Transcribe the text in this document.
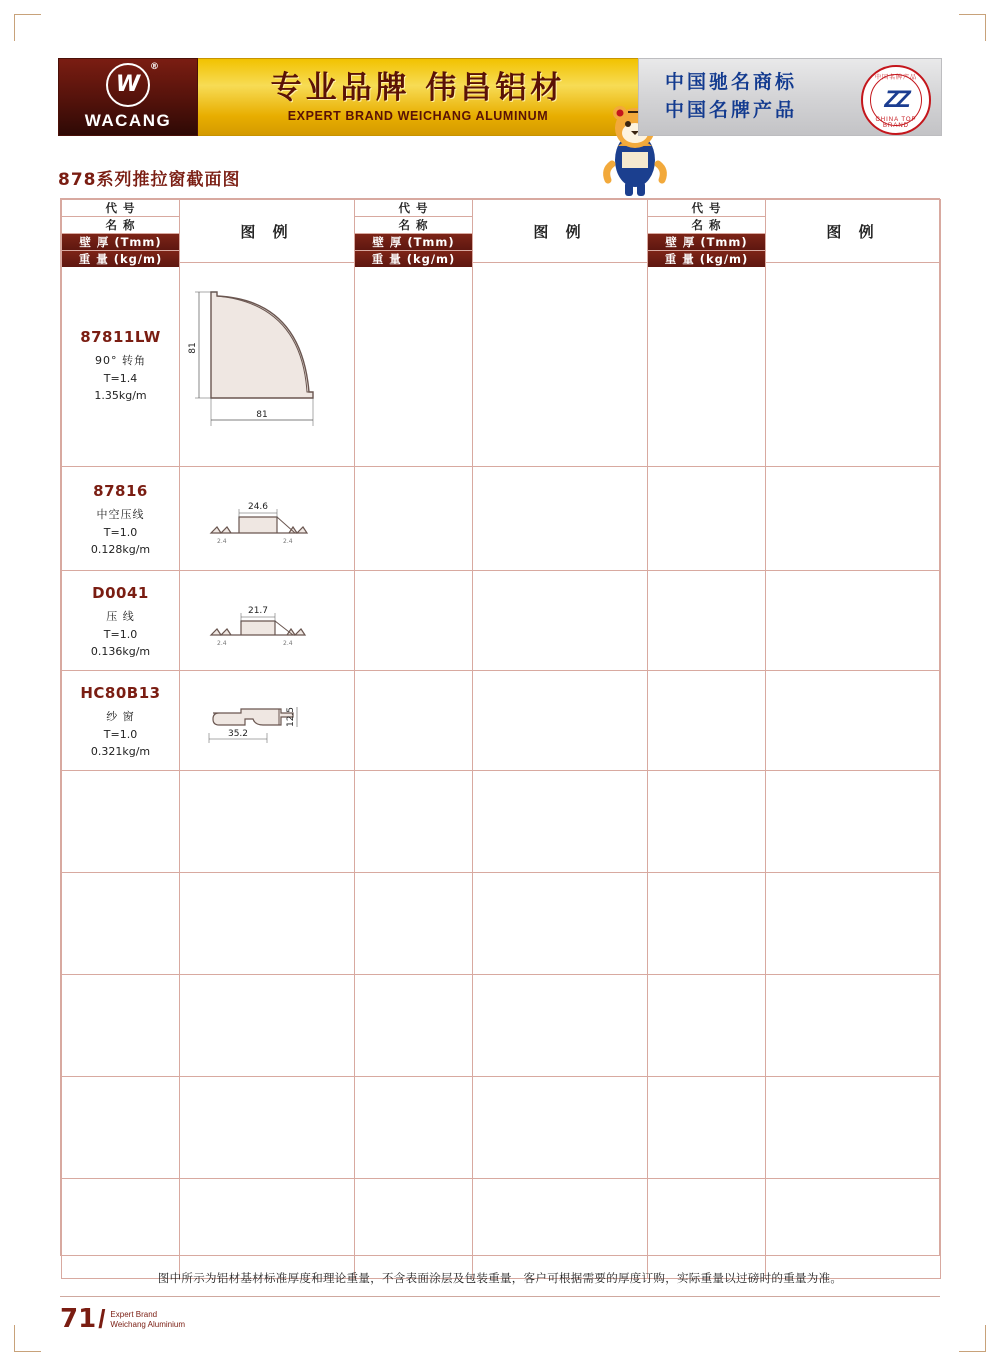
W
®
WACANG
专业品牌 伟昌铝材
EXPERT BRAND WEICHANG ALUMINUM
中国驰名商标
中国名牌产品
中国名牌产品
ZZ
CHINA TOP BRAND
878系列推拉窗截面图
代 号
名 称
壁 厚 (Tmm)
重 量 (kg/m)
	图 例	
代 号
名 称
壁 厚 (Tmm)
重 量 (kg/m)
	图 例	
代 号
名 称
壁 厚 (Tmm)
重 量 (kg/m)
	图 例

87811LW
90° 转角
T=1.4
1.35kg/m

81
81

87816
中空压线
T=1.0
0.128kg/m

24.6
2.4	2.4

D0041
压 线
T=1.0
0.136kg/m

21.7
2.4	2.4

HC80B13
纱 窗
T=1.0
0.321kg/m

12.5
35.2

图中所示为铝材基材标准厚度和理论重量，不含表面涂层及包装重量，客户可根据需要的厚度订购，实际重量以过磅时的重量为准。
71 / Expert Brand
Weichang Aluminium
